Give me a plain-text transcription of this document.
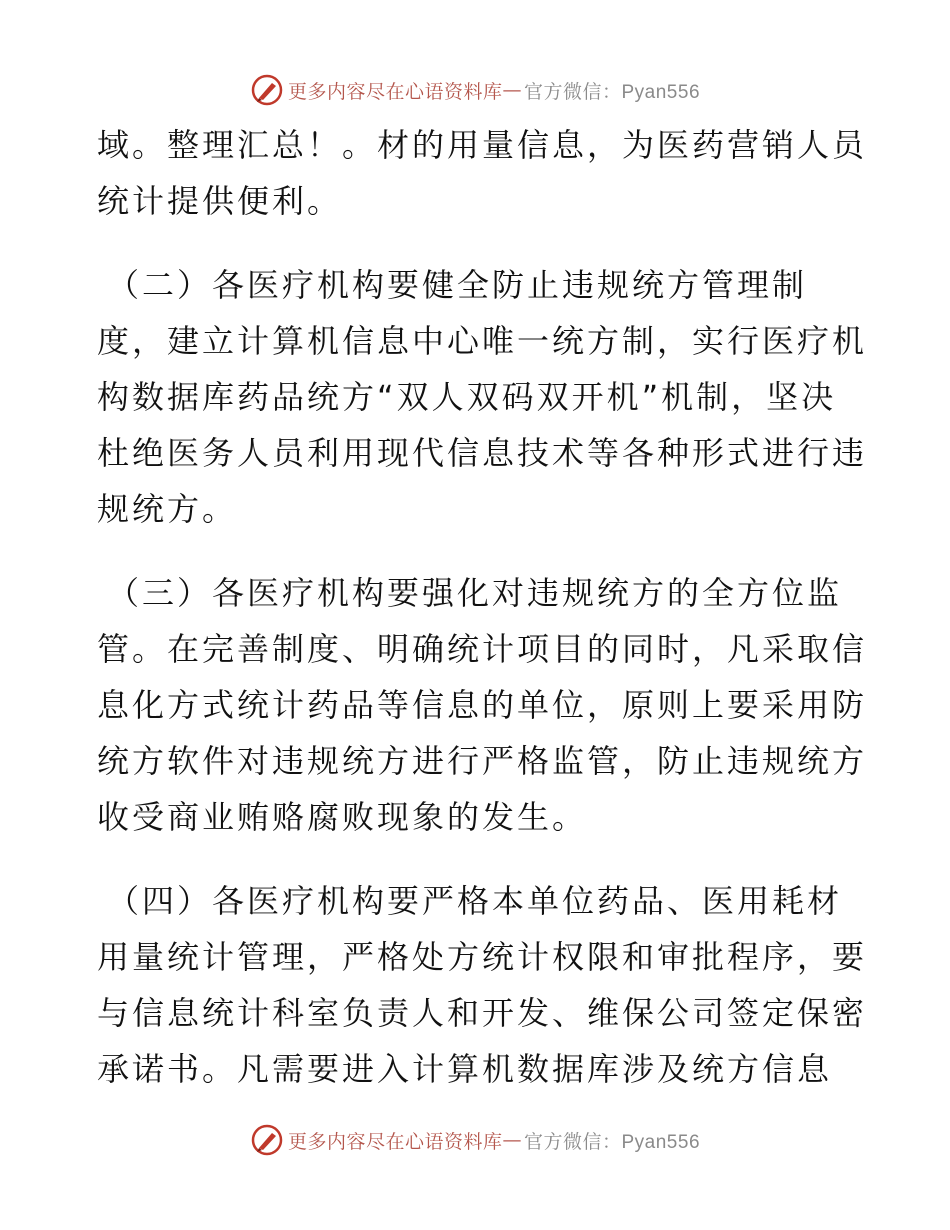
更多内容尽在心语资料库 — 官方微信：Pyan556

域。整理汇总！。材的用量信息，为医药营销人员
统计提供便利。

（二）各医疗机构要健全防止违规统方管理制
度，建立计算机信息中心唯一统方制，实行医疗机
构数据库药品统方“双人双码双开机”机制，坚决
杜绝医务人员利用现代信息技术等各种形式进行违
规统方。

（三）各医疗机构要强化对违规统方的全方位监
管。在完善制度、明确统计项目的同时，凡采取信
息化方式统计药品等信息的单位，原则上要采用防
统方软件对违规统方进行严格监管，防止违规统方
收受商业贿赂腐败现象的发生。

（四）各医疗机构要严格本单位药品、医用耗材
用量统计管理，严格处方统计权限和审批程序，要
与信息统计科室负责人和开发、维保公司签定保密
承诺书。凡需要进入计算机数据库涉及统方信息

更多内容尽在心语资料库 — 官方微信：Pyan556
